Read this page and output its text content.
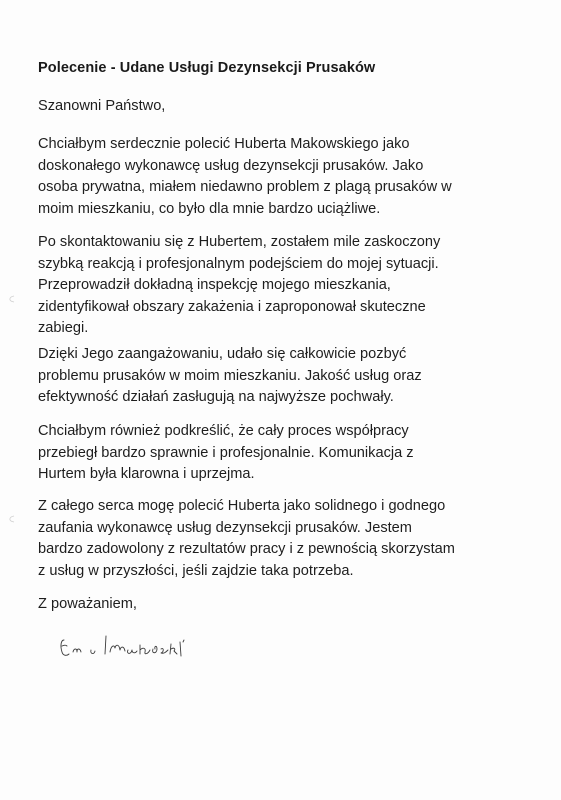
Polecenie - Udane Usługi Dezynsekcji Prusaków
Szanowni Państwo,

Chciałbym serdecznie polecić Huberta Makowskiego jako
doskonałego wykonawcę usług dezynsekcji prusaków. Jako
osoba prywatna, miałem niedawno problem z plagą prusaków w
moim mieszkaniu, co było dla mnie bardzo uciążliwe.

Po skontaktowaniu się z Hubertem, zostałem mile zaskoczony
szybką reakcją i profesjonalnym podejściem do mojej sytuacji.
Przeprowadził dokładną inspekcję mojego mieszkania,
zidentyfikował obszary zakażenia i zaproponował skuteczne
zabiegi.

Dzięki Jego zaangażowaniu, udało się całkowicie pozbyć
problemu prusaków w moim mieszkaniu. Jakość usług oraz
efektywność działań zasługują na najwyższe pochwały.

Chciałbym również podkreślić, że cały proces współpracy
przebiegł bardzo sprawnie i profesjonalnie. Komunikacja z
Hurtem była klarowna i uprzejma.

Z całego serca mogę polecić Huberta jako solidnego i godnego
zaufania wykonawcę usług dezynsekcji prusaków. Jestem
bardzo zadowolony z rezultatów pracy i z pewnością skorzystam
z usług w przyszłości, jeśli zajdzie taka potrzeba.

Z poważaniem,
